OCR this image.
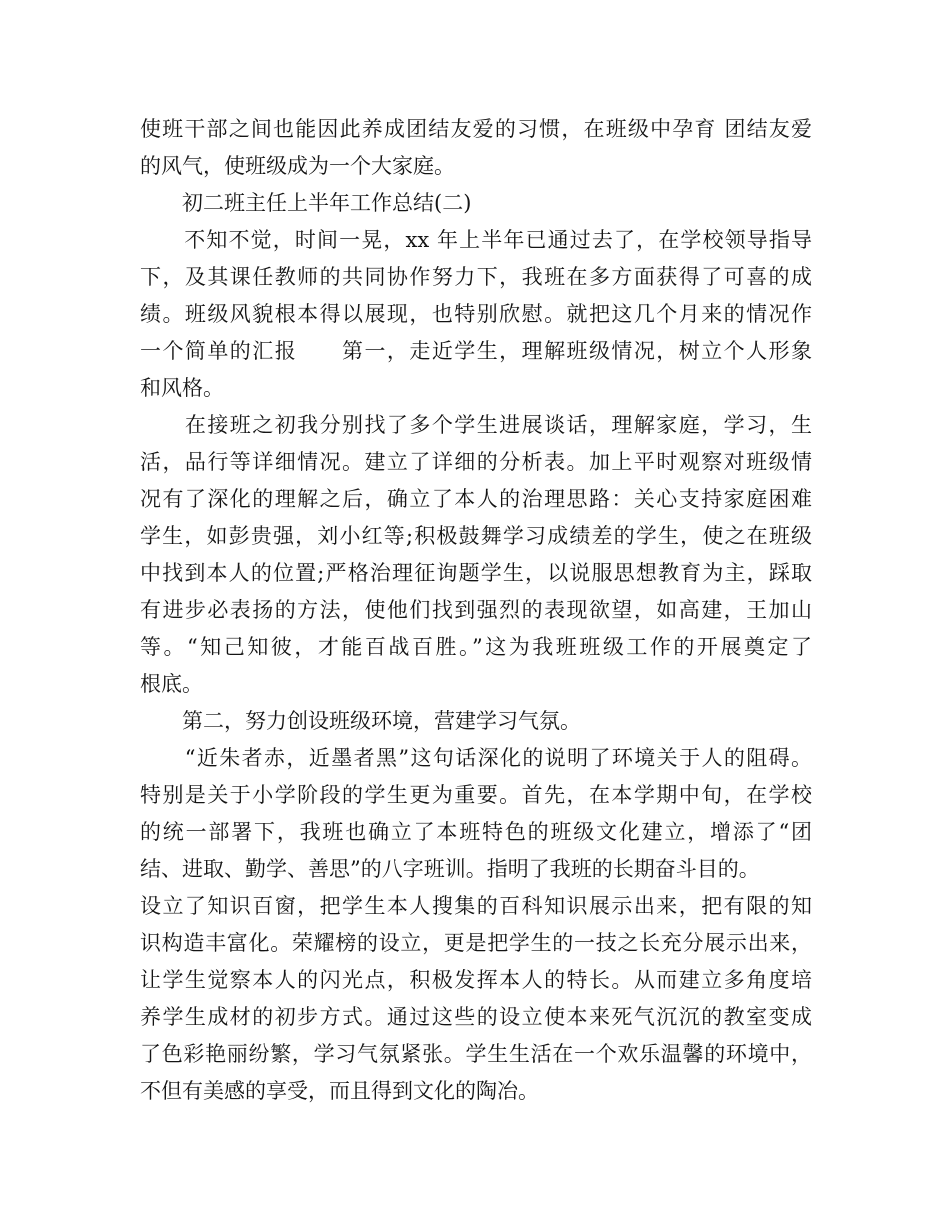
使班干部之间也能因此养成团结友爱的习惯，在班级中孕育 团结友爱
的风气，使班级成为一个大家庭。
　　初二班主任上半年工作总结(二)
　　不知不觉，时间一晃，xx 年上半年已通过去了，在学校领导指导
下，及其课任教师的共同协作努力下，我班在多方面获得了可喜的成
绩。班级风貌根本得以展现，也特别欣慰。就把这几个月来的情况作
一个简单的汇报　　第一，走近学生，理解班级情况，树立个人形象
和风格。
　　在接班之初我分别找了多个学生进展谈话，理解家庭，学习，生
活，品行等详细情况。建立了详细的分析表。加上平时观察对班级情
况有了深化的理解之后，确立了本人的治理思路：关心支持家庭困难
学生，如彭贵强，刘小红等;积极鼓舞学习成绩差的学生，使之在班级
中找到本人的位置;严格治理征询题学生，以说服思想教育为主，踩取
有进步必表扬的方法，使他们找到强烈的表现欲望，如高建，王加山
等。“知己知彼，才能百战百胜。”这为我班班级工作的开展奠定了
根底。
　　第二，努力创设班级环境，营建学习气氛。
　　“近朱者赤，近墨者黑”这句话深化的说明了环境关于人的阻碍。
特别是关于小学阶段的学生更为重要。首先，在本学期中旬，在学校
的统一部署下，我班也确立了本班特色的班级文化建立，增添了“团
结、进取、勤学、善思”的八字班训。指明了我班的长期奋斗目的。
设立了知识百窗，把学生本人搜集的百科知识展示出来，把有限的知
识构造丰富化。荣耀榜的设立，更是把学生的一技之长充分展示出来，
让学生觉察本人的闪光点，积极发挥本人的特长。从而建立多角度培
养学生成材的初步方式。通过这些的设立使本来死气沉沉的教室变成
了色彩艳丽纷繁，学习气氛紧张。学生生活在一个欢乐温馨的环境中，
不但有美感的享受，而且得到文化的陶冶。
